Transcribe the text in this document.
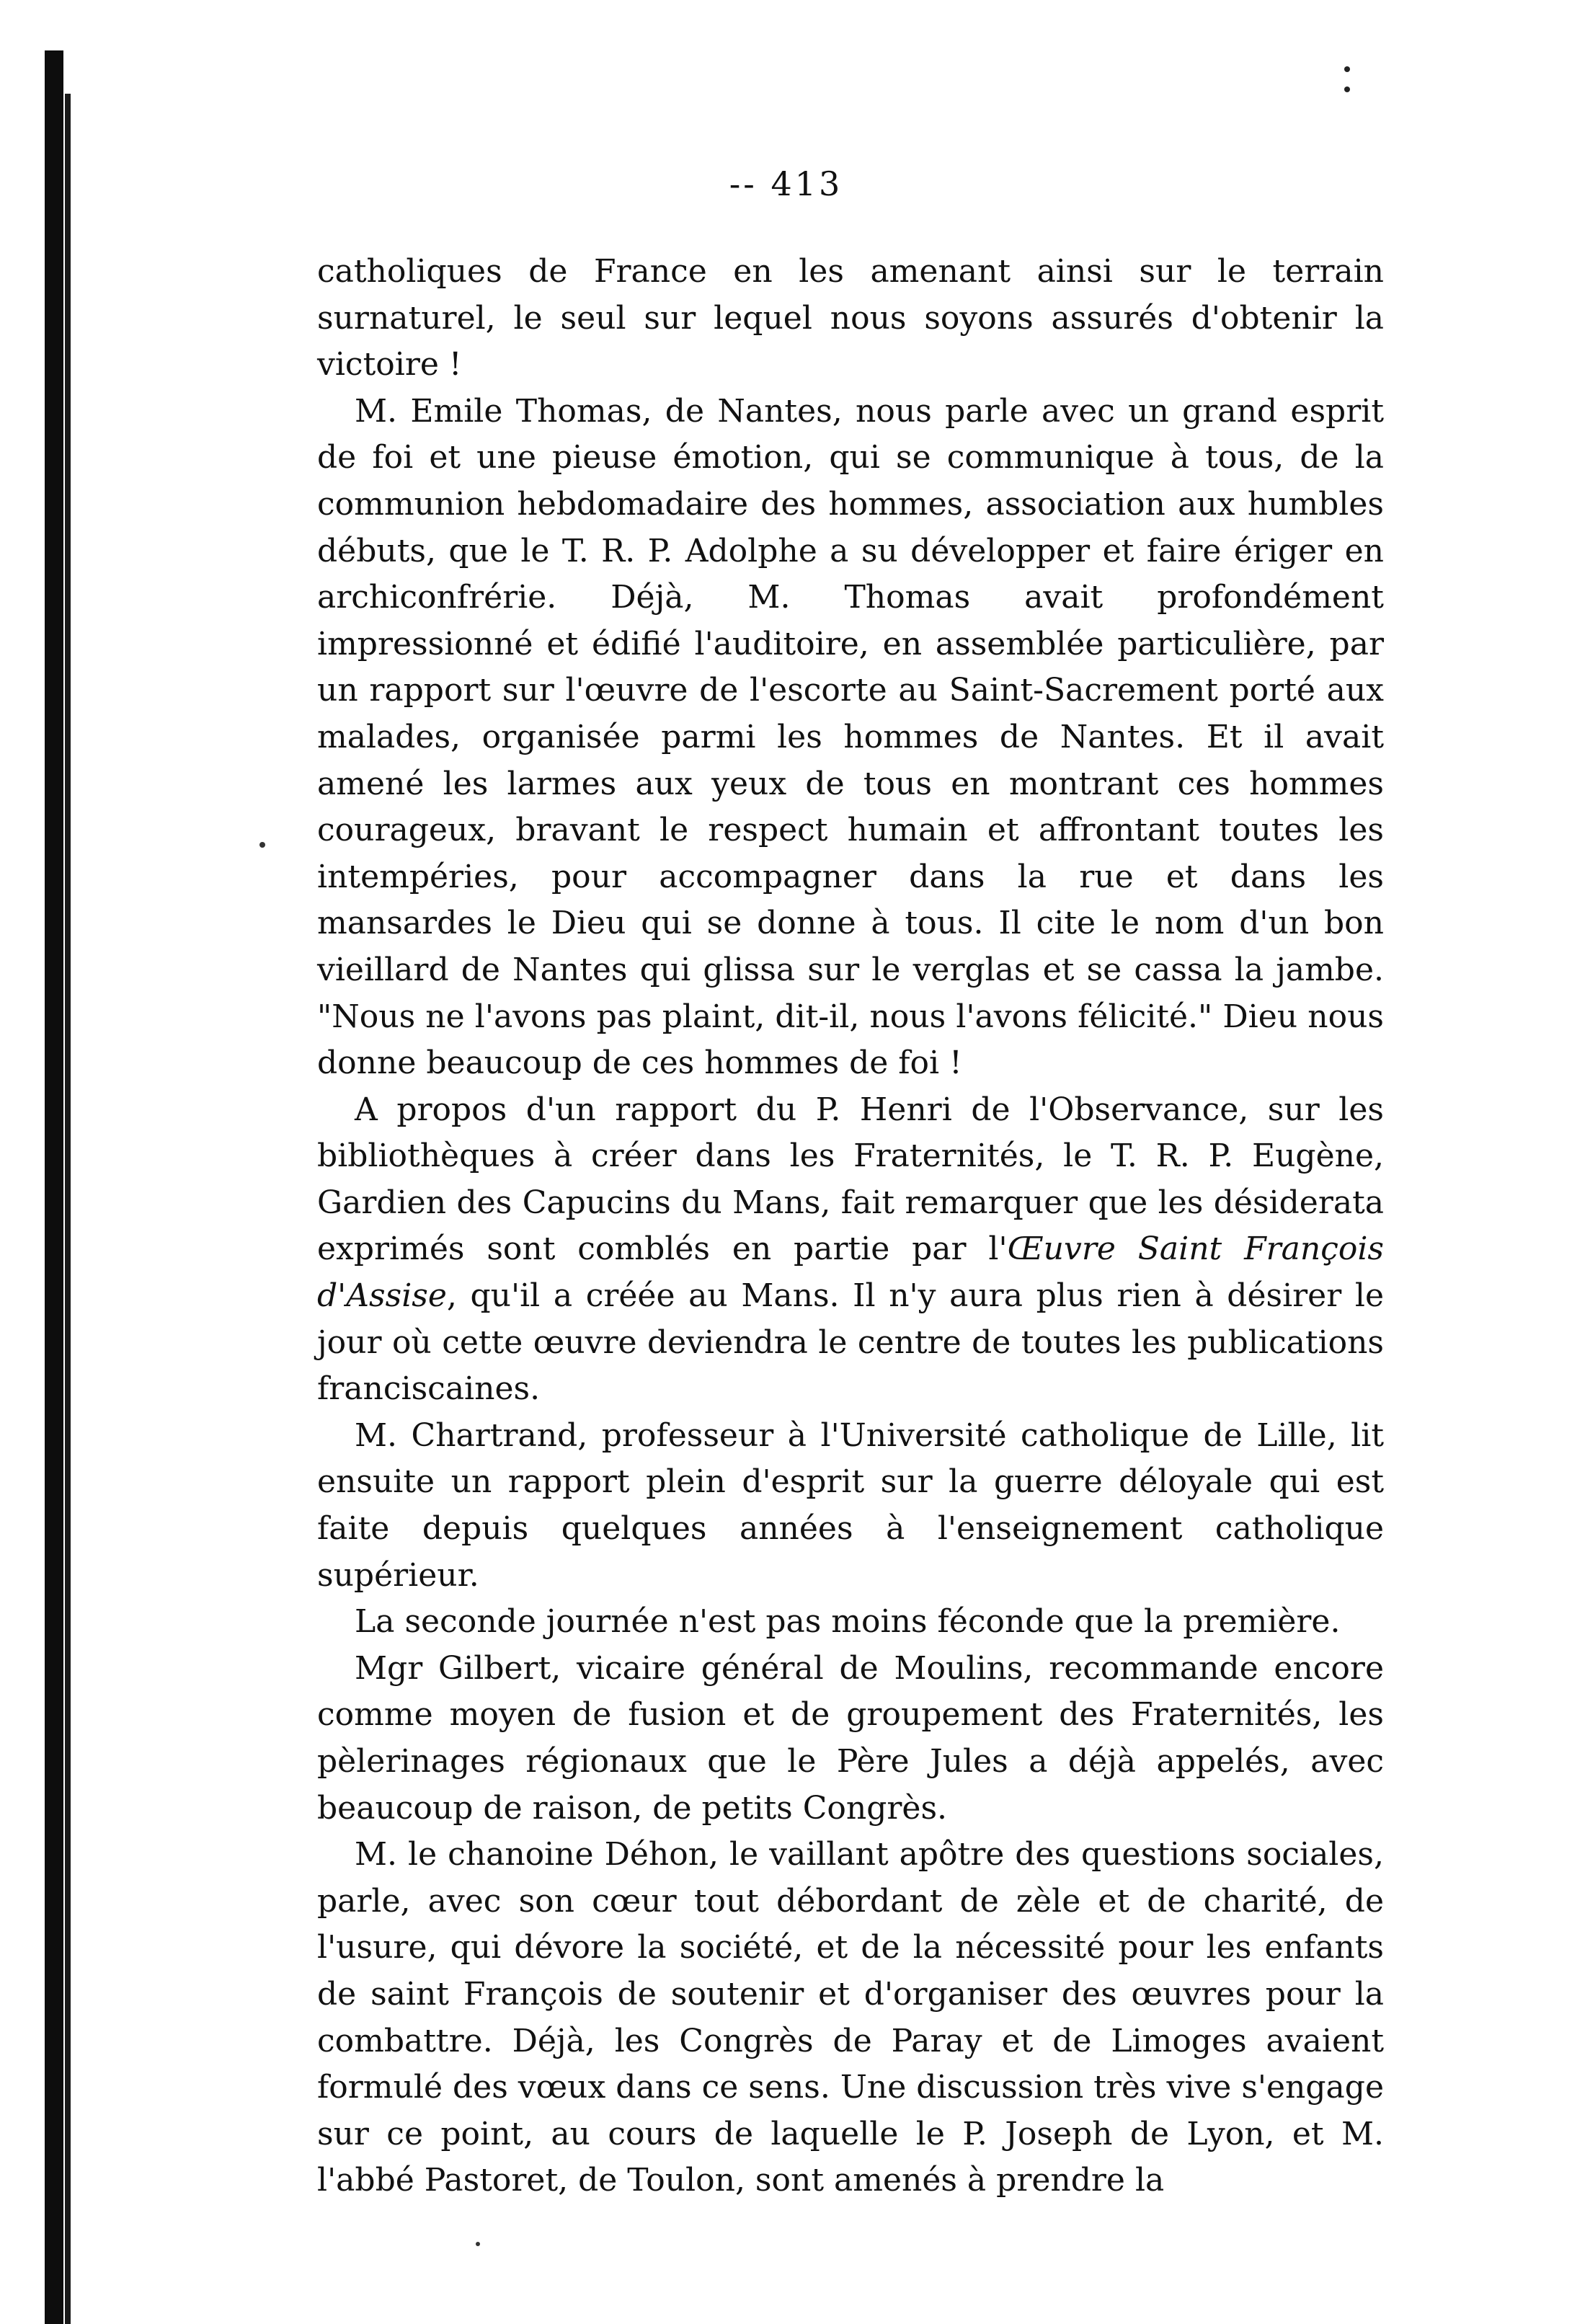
-- 413

catholiques de France en les amenant ainsi sur le terrain surnaturel, le seul sur lequel nous soyons assurés d'obtenir la victoire !

M. Emile Thomas, de Nantes, nous parle avec un grand esprit de foi et une pieuse émotion, qui se communique à tous, de la communion hebdomadaire des hommes, association aux humbles débuts, que le T. R. P. Adolphe a su développer et faire ériger en archiconfrérie. Déjà, M. Thomas avait profondément impressionné et édifié l'auditoire, en assemblée particulière, par un rapport sur l'œuvre de l'escorte au Saint-Sacrement porté aux malades, organisée parmi les hommes de Nantes. Et il avait amené les larmes aux yeux de tous en montrant ces hommes courageux, bravant le respect humain et affrontant toutes les intempéries, pour accompagner dans la rue et dans les mansardes le Dieu qui se donne à tous. Il cite le nom d'un bon vieillard de Nantes qui glissa sur le verglas et se cassa la jambe. "Nous ne l'avons pas plaint, dit-il, nous l'avons félicité." Dieu nous donne beaucoup de ces hommes de foi !

A propos d'un rapport du P. Henri de l'Observance, sur les bibliothèques à créer dans les Fraternités, le T. R. P. Eugène, Gardien des Capucins du Mans, fait remarquer que les désiderata exprimés sont comblés en partie par l'Œuvre Saint François d'Assise, qu'il a créée au Mans. Il n'y aura plus rien à désirer le jour où cette œuvre deviendra le centre de toutes les publications franciscaines.

M. Chartrand, professeur à l'Université catholique de Lille, lit ensuite un rapport plein d'esprit sur la guerre déloyale qui est faite depuis quelques années à l'enseignement catholique supérieur.

La seconde journée n'est pas moins féconde que la première.

Mgr Gilbert, vicaire général de Moulins, recommande encore comme moyen de fusion et de groupement des Fraternités, les pèlerinages régionaux que le Père Jules a déjà appelés, avec beaucoup de raison, de petits Congrès.

M. le chanoine Déhon, le vaillant apôtre des questions sociales, parle, avec son cœur tout débordant de zèle et de charité, de l'usure, qui dévore la société, et de la nécessité pour les enfants de saint François de soutenir et d'organiser des œuvres pour la combattre. Déjà, les Congrès de Paray et de Limoges avaient formulé des vœux dans ce sens. Une discussion très vive s'engage sur ce point, au cours de laquelle le P. Joseph de Lyon, et M. l'abbé Pastoret, de Toulon, sont amenés à prendre la
